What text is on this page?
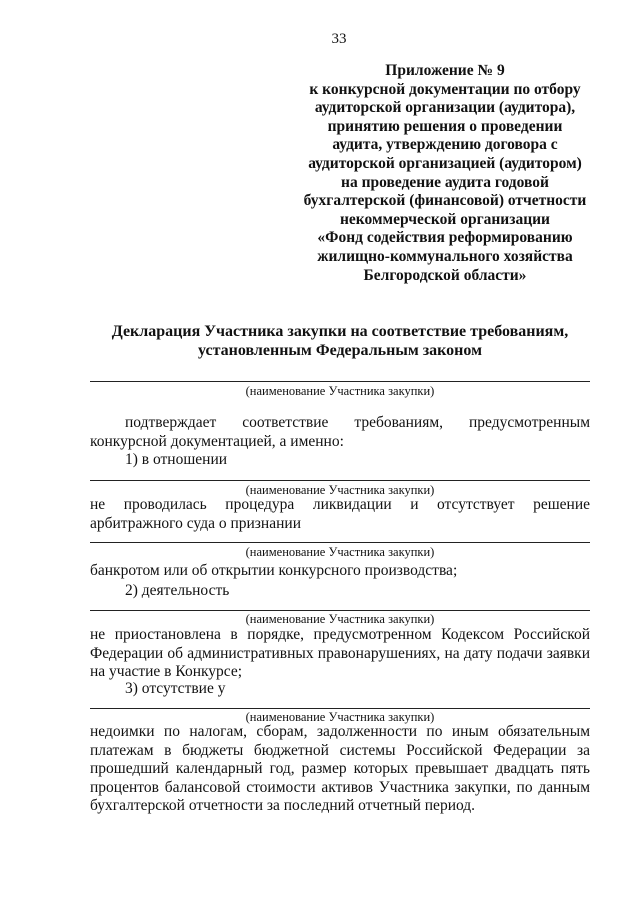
33
Приложение № 9
к конкурсной документации по отбору
аудиторской организации (аудитора),
принятию решения о проведении
аудита, утверждению договора с
аудиторской организацией (аудитором)
на проведение аудита годовой
бухгалтерской (финансовой) отчетности
некоммерческой организации
«Фонд содействия реформированию
жилищно-коммунального хозяйства
Белгородской области»
Декларация Участника закупки на соответствие требованиям,
установленным Федеральным законом
(наименование Участника закупки)
подтверждает соответствие требованиям, предусмотренным конкурсной документацией, а именно:
1) в отношении
(наименование Участника закупки)
не проводилась процедура ликвидации и отсутствует решение арбитражного суда о признании
(наименование Участника закупки)
банкротом или об открытии конкурсного производства;
2) деятельность
(наименование Участника закупки)
не приостановлена в порядке, предусмотренном Кодексом Российской Федерации об административных правонарушениях, на дату подачи заявки на участие в Конкурсе;
3) отсутствие у
(наименование Участника закупки)
недоимки по налогам, сборам, задолженности по иным обязательным платежам в бюджеты бюджетной системы Российской Федерации за прошедший календарный год, размер которых превышает двадцать пять процентов балансовой стоимости активов Участника закупки, по данным бухгалтерской отчетности за последний отчетный период.
